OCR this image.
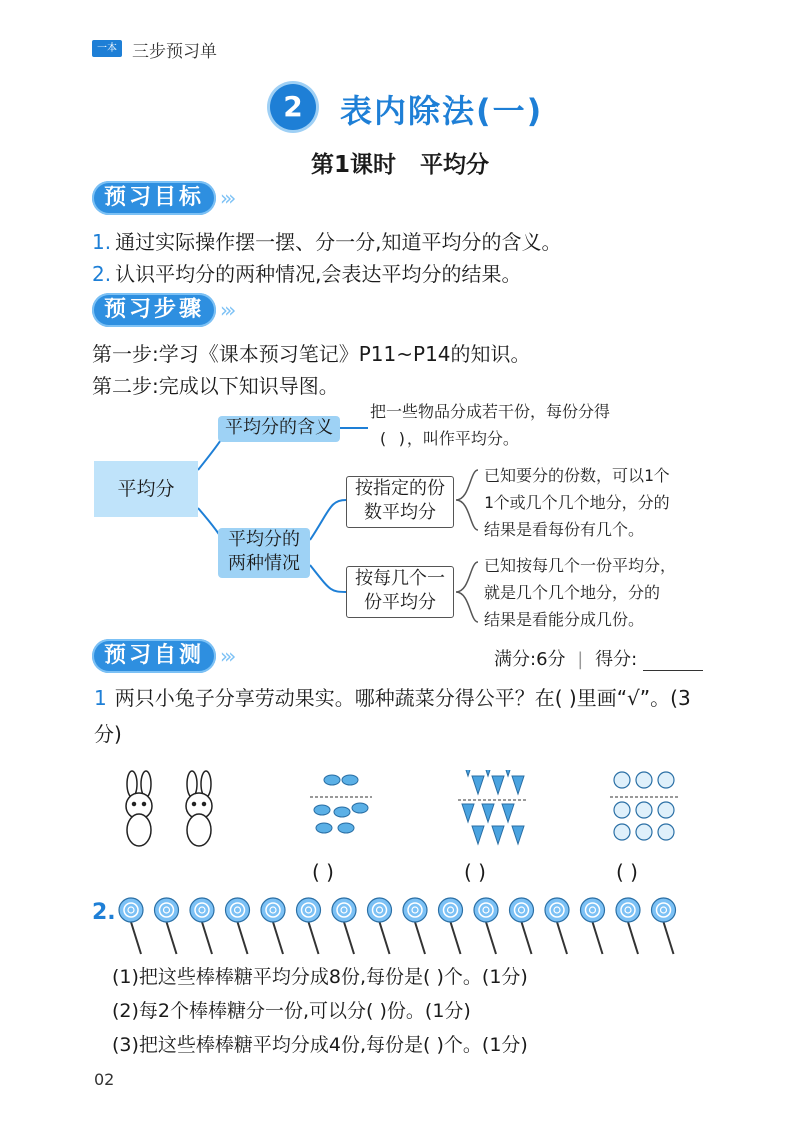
一本 三步预习单
2	表内除法(一)
第1课时 平均分
预习目标 »›
1. 通过实际操作摆一摆、分一分,知道平均分的含义。
2. 认识平均分的两种情况,会表达平均分的结果。
预习步骤 »›
第一步:学习《课本预习笔记》P11~P14的知识。
第二步:完成以下知识导图。
平均分
平均分的含义
把一些物品分成若干份，每份分得
( )，叫作平均分。
平均分的
两种情况
按指定的份
数平均分
已知要分的份数，可以1个
1个或几个几个地分，分的
结果是看每份有几个。
按每几个一
份平均分
已知按每几个一份平均分，
就是几个几个地分，分的
结果是看能分成几份。
预习自测 »›	满分:6分 | 得分:
1 两只小兔子分享劳动果实。哪种蔬菜分得公平？在( )里画“√”。(3分)
( )	( )	( )
2.
(1)把这些棒棒糖平均分成8份,每份是( )个。(1分)
(2)每2个棒棒糖分一份,可以分( )份。(1分)
(3)把这些棒棒糖平均分成4份,每份是( )个。(1分)
02
